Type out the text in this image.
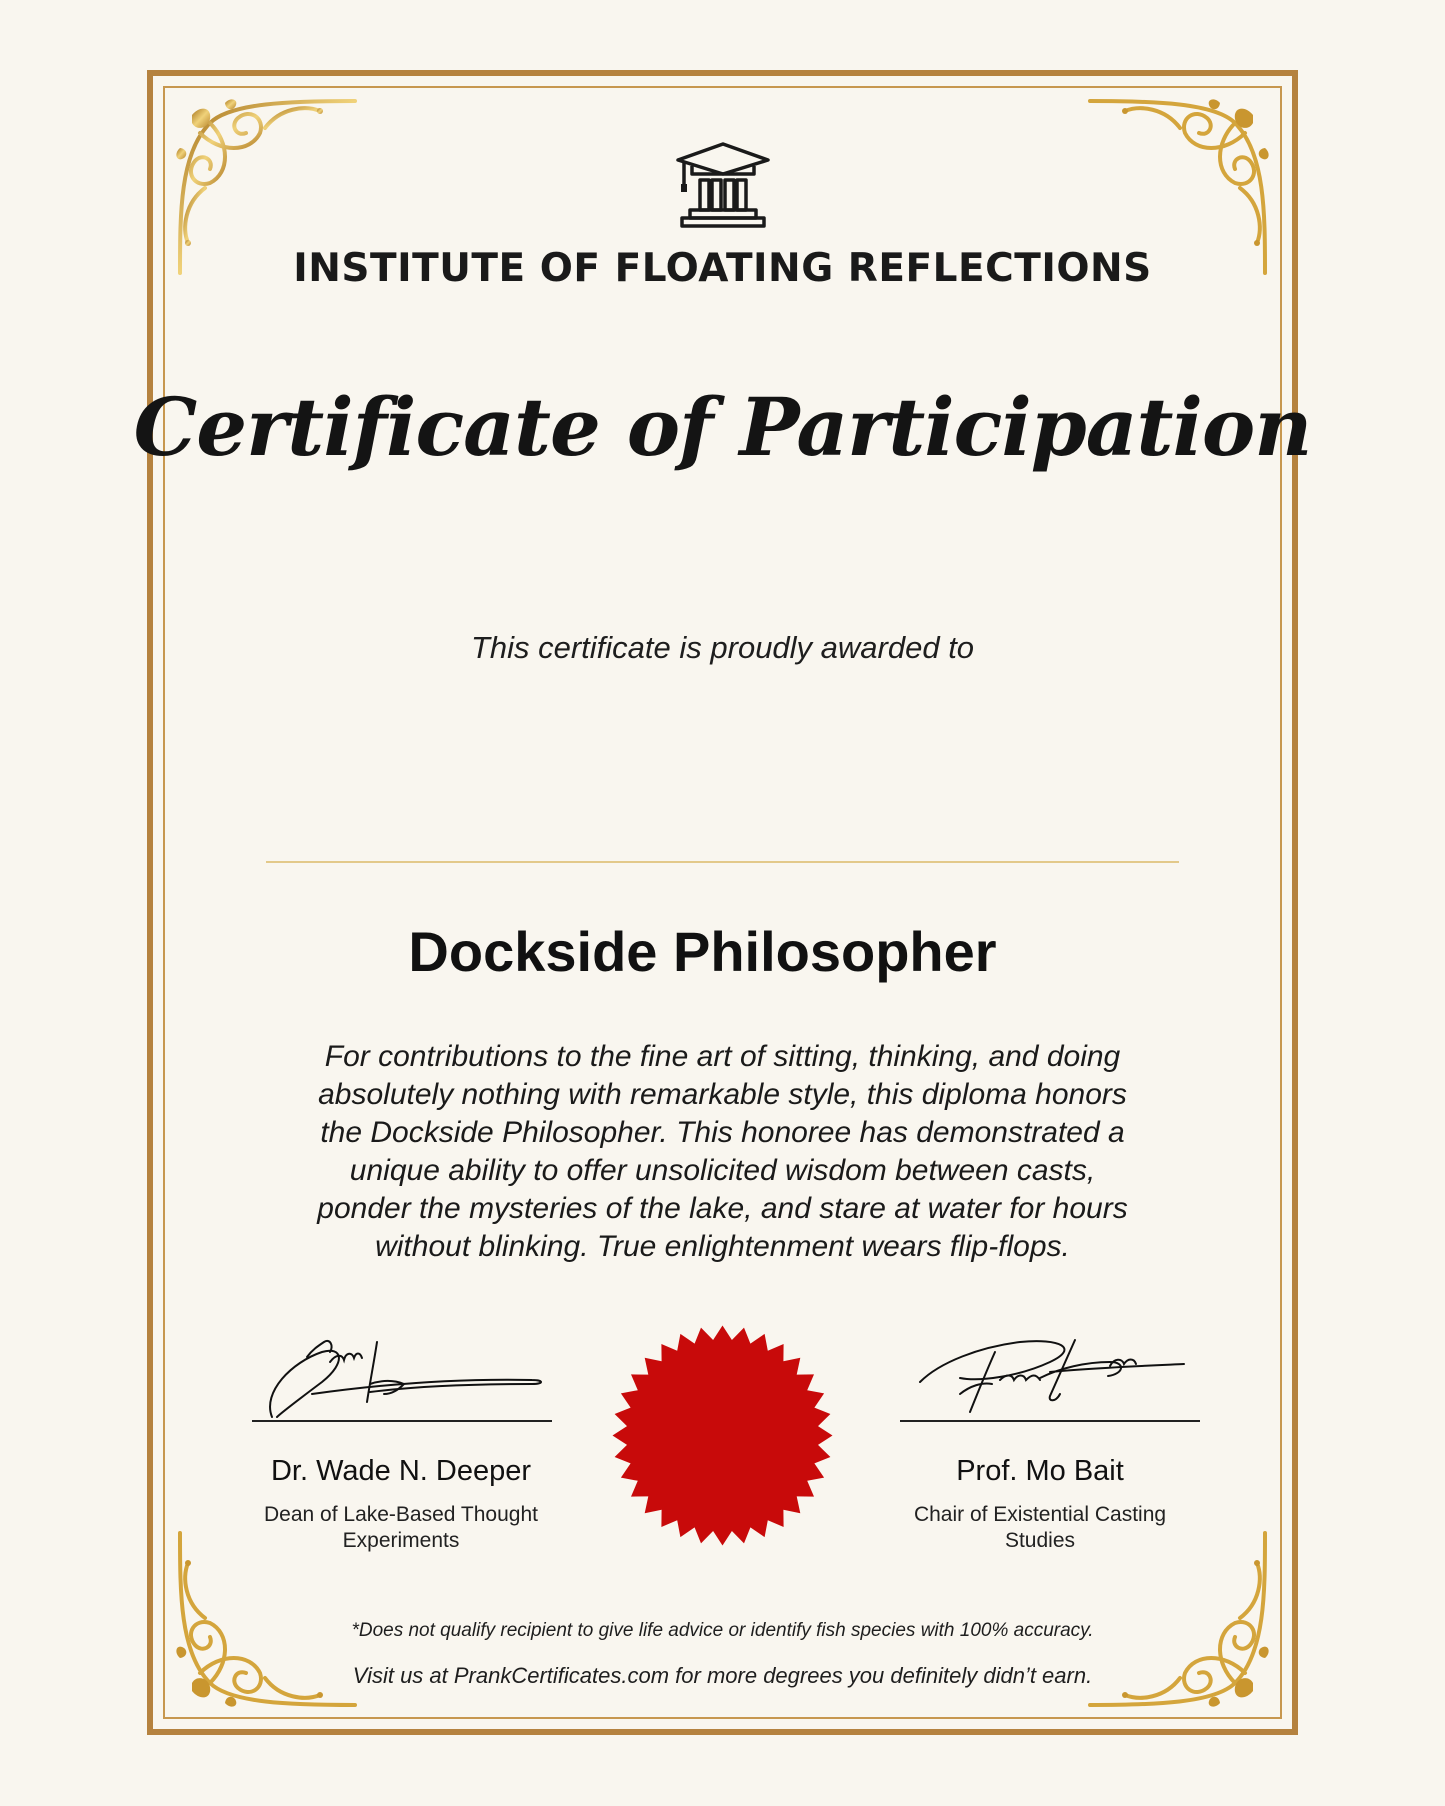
INSTITUTE OF FLOATING REFLECTIONS
Certificate of Participation
This certificate is proudly awarded to
Dockside Philosopher

For contributions to the fine art of sitting, thinking, and doing absolutely nothing with remarkable style, this diploma honors the Dockside Philosopher. This honoree has demonstrated a unique ability to offer unsolicited wisdom between casts, ponder the mysteries of the lake, and stare at water for hours without blinking. True enlightenment wears flip-flops.

Dr. Wade N. Deeper
Dean of Lake-Based Thought Experiments
Prof. Mo Bait
Chair of Existential Casting Studies
*Does not qualify recipient to give life advice or identify fish species with 100% accuracy.
Visit us at PrankCertificates.com for more degrees you definitely didn’t earn.
